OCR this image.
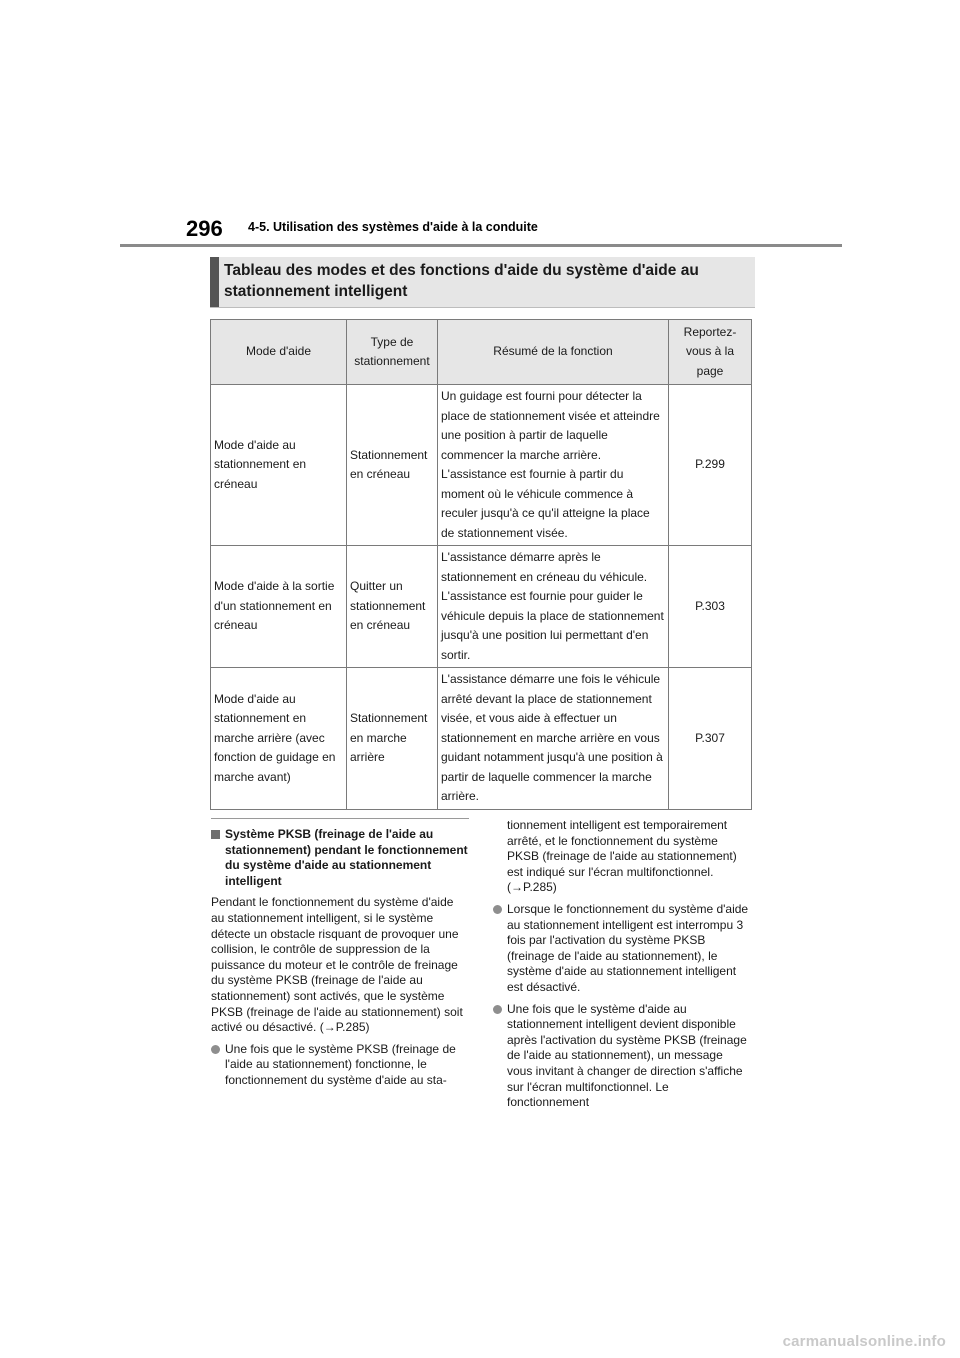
296 4-5. Utilisation des systèmes d'aide à la conduite
Tableau des modes et des fonctions d'aide du système d'aide au stationnement intelligent
Mode d'aide	Type de stationnement	Résumé de la fonction	Reportez-vous à la page
Mode d'aide au stationnement en créneau	Stationnement en créneau	Un guidage est fourni pour détecter la place de stationnement visée et atteindre une position à partir de laquelle commencer la marche arrière. L'assistance est fournie à partir du moment où le véhicule commence à reculer jusqu'à ce qu'il atteigne la place de stationnement visée.	P.299
Mode d'aide à la sortie d'un stationnement en créneau	Quitter un stationnement en créneau	L'assistance démarre après le stationnement en créneau du véhicule. L'assistance est fournie pour guider le véhicule depuis la place de stationnement jusqu'à une position lui permettant d'en sortir.	P.303
Mode d'aide au stationnement en marche arrière (avec fonction de guidage en marche avant)	Stationnement en marche arrière	L'assistance démarre une fois le véhicule arrêté devant la place de stationnement visée, et vous aide à effectuer un stationnement en marche arrière en vous guidant notamment jusqu'à une position à partir de laquelle commencer la marche arrière.	P.307
Système PKSB (freinage de l'aide au stationnement) pendant le fonctionnement du système d'aide au stationnement intelligent

Pendant le fonctionnement du système d'aide au stationnement intelligent, si le système détecte un obstacle risquant de provoquer une collision, le contrôle de suppression de la puissance du moteur et le contrôle de freinage du système PKSB (freinage de l'aide au stationnement) sont activés, que le système PKSB (freinage de l'aide au stationnement) soit activé ou désactivé. (→P.285)

Une fois que le système PKSB (freinage de l'aide au stationnement) fonctionne, le fonctionnement du système d'aide au sta-

tionnement intelligent est temporairement arrêté, et le fonctionnement du système PKSB (freinage de l'aide au stationnement) est indiqué sur l'écran multifonctionnel. (→P.285)

Lorsque le fonctionnement du système d'aide au stationnement intelligent est interrompu 3 fois par l'activation du système PKSB (freinage de l'aide au stationnement), le système d'aide au stationnement intelligent est désactivé.
Une fois que le système d'aide au stationnement intelligent devient disponible après l'activation du système PKSB (freinage de l'aide au stationnement), un message vous invitant à changer de direction s'affiche sur l'écran multifonctionnel. Le fonctionnement
carmanualsonline.info
